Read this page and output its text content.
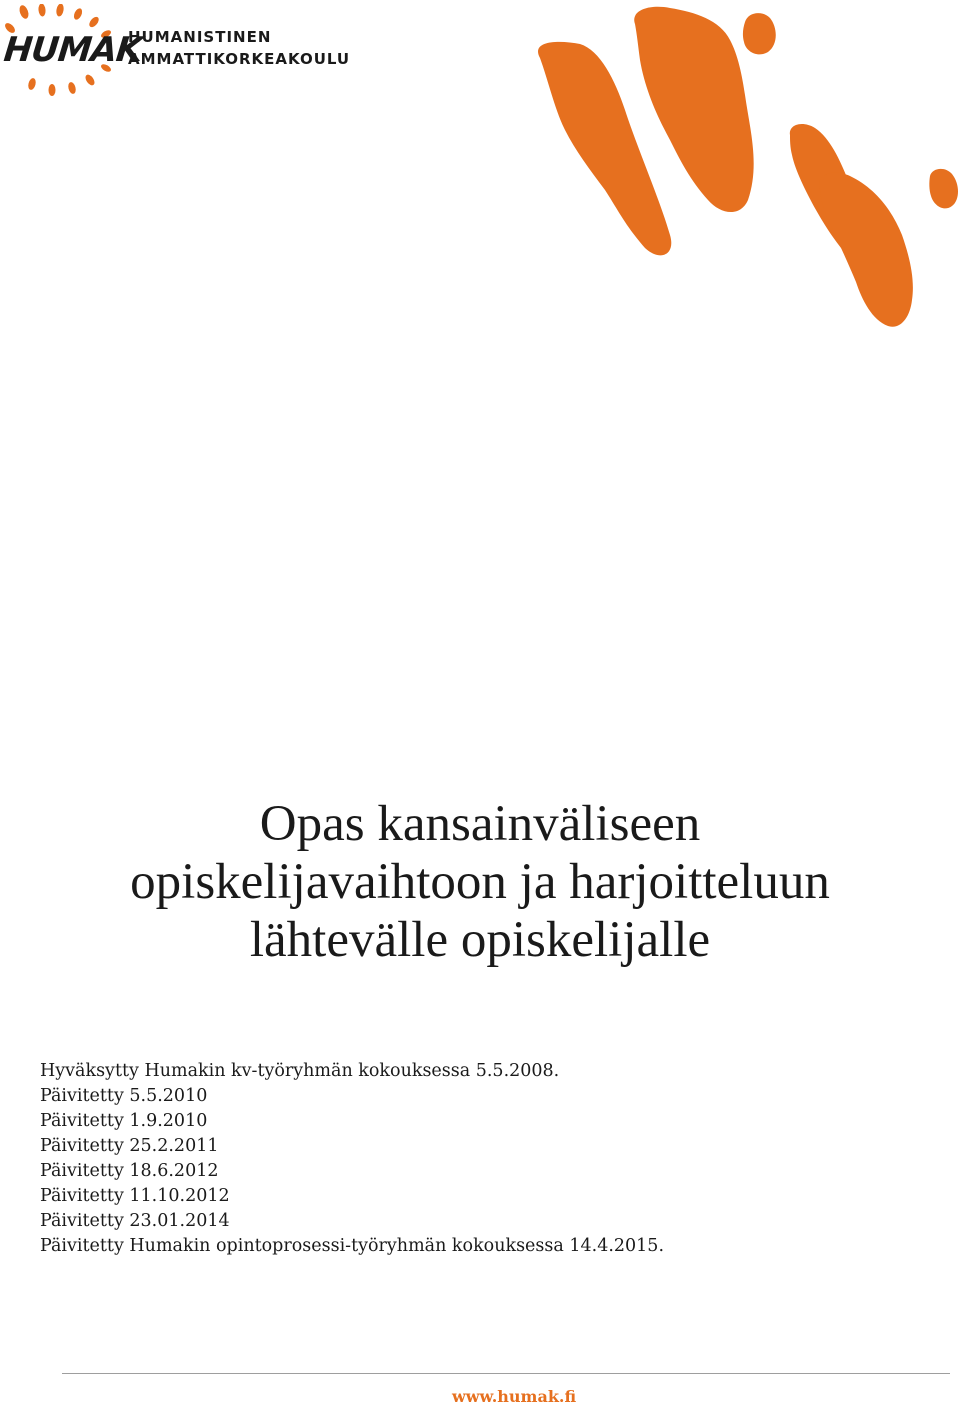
HUMAK
HUMANISTINEN
AMMATTIKORKEAKOULU
Opas kansainväliseen
opiskelijavaihtoon ja harjoitteluun
lähtevälle opiskelijalle
Hyväksytty Humakin kv-työryhmän kokouksessa 5.5.2008.
Päivitetty 5.5.2010
Päivitetty 1.9.2010
Päivitetty 25.2.2011
Päivitetty 18.6.2012
Päivitetty 11.10.2012
Päivitetty 23.01.2014
Päivitetty Humakin opintoprosessi-työryhmän kokouksessa 14.4.2015.
www.humak.fi
